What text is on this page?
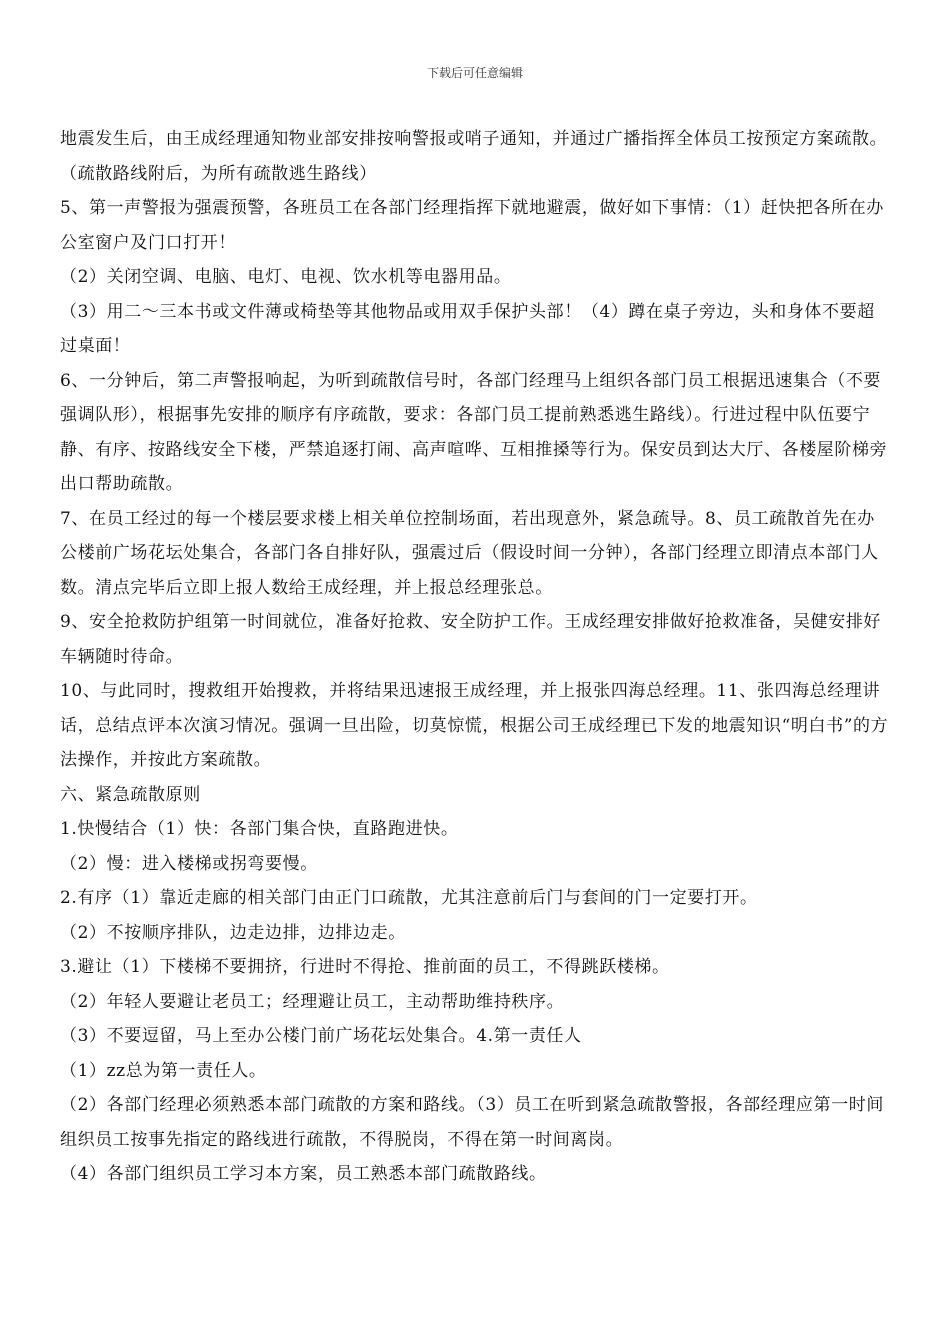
下载后可任意编辑

地震发生后，由王成经理通知物业部安排按响警报或哨子通知，并通过广播指挥全体员工按预定方案疏散。（疏散路线附后，为所有疏散逃生路线）

5、第一声警报为强震预警，各班员工在各部门经理指挥下就地避震，做好如下事情：（1）赶快把各所在办公室窗户及门口打开！

（2）关闭空调、电脑、电灯、电视、饮水机等电器用品。

（3）用二～三本书或文件薄或椅垫等其他物品或用双手保护头部！（4）蹲在桌子旁边，头和身体不要超过桌面！

6、一分钟后，第二声警报响起，为听到疏散信号时，各部门经理马上组织各部门员工根据迅速集合（不要强调队形），根据事先安排的顺序有序疏散，要求：各部门员工提前熟悉逃生路线）。行进过程中队伍要宁静、有序、按路线安全下楼，严禁追逐打闹、高声喧哗、互相推搡等行为。保安员到达大厅、各楼屋阶梯旁出口帮助疏散。

7、在员工经过的每一个楼层要求楼上相关单位控制场面，若出现意外，紧急疏导。8、员工疏散首先在办公楼前广场花坛处集合，各部门各自排好队，强震过后（假设时间一分钟），各部门经理立即清点本部门人数。清点完毕后立即上报人数给王成经理，并上报总经理张总。

9、安全抢救防护组第一时间就位，准备好抢救、安全防护工作。王成经理安排做好抢救准备，吴健安排好车辆随时待命。

10、与此同时，搜救组开始搜救，并将结果迅速报王成经理，并上报张四海总经理。11、张四海总经理讲话，总结点评本次演习情况。强调一旦出险，切莫惊慌，根据公司王成经理已下发的地震知识“明白书”的方法操作，并按此方案疏散。

六、紧急疏散原则

1.快慢结合（1）快：各部门集合快，直路跑进快。

（2）慢：进入楼梯或拐弯要慢。

2.有序（1）靠近走廊的相关部门由正门口疏散，尤其注意前后门与套间的门一定要打开。

（2）不按顺序排队，边走边排，边排边走。

3.避让（1）下楼梯不要拥挤，行进时不得抢、推前面的员工，不得跳跃楼梯。

（2）年轻人要避让老员工；经理避让员工，主动帮助维持秩序。

（3）不要逗留，马上至办公楼门前广场花坛处集合。4.第一责任人

（1）zz总为第一责任人。

（2）各部门经理必须熟悉本部门疏散的方案和路线。（3）员工在听到紧急疏散警报，各部经理应第一时间组织员工按事先指定的路线进行疏散，不得脱岗，不得在第一时间离岗。

（4）各部门组织员工学习本方案，员工熟悉本部门疏散路线。
